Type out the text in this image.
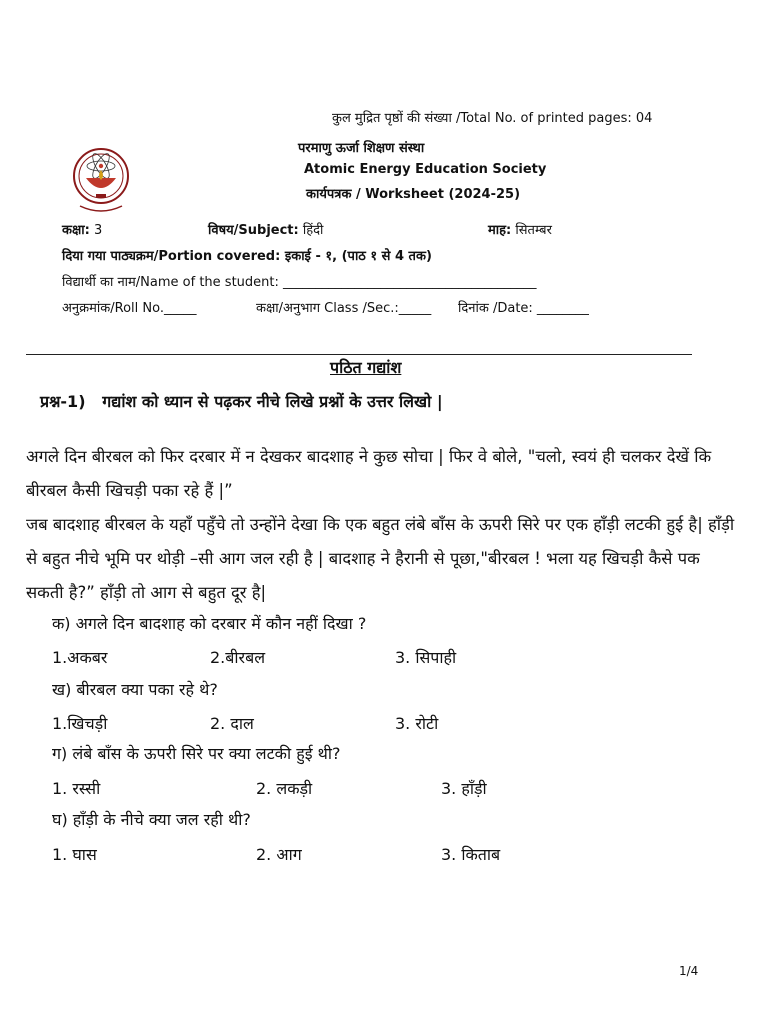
कुल मुद्रित पृष्ठों की संख्या /Total No. of printed pages: 04
परमाणु ऊर्जा शिक्षण संस्था
Atomic Energy Education Society
कार्यपत्रक / Worksheet (2024-25)
कक्षा: 3	विषय/Subject: हिंदी	माह: सितम्बर
दिया गया पाठ्यक्रम/Portion covered: इकाई - १, (पाठ १ से 4 तक)
विद्यार्थी का नाम/Name of the student: _______________________________________
अनुक्रमांक/Roll No._____	कक्षा/अनुभाग Class /Sec.:_____ दिनांक /Date: ________
पठित गद्यांश
प्रश्न-1) गद्यांश को ध्यान से पढ़कर नीचे लिखे प्रश्नों के उत्तर लिखो |
अगले दिन बीरबल को फिर दरबार में न देखकर बादशाह ने कुछ सोचा | फिर वे बोले, "चलो, स्वयं ही चलकर देखें कि बीरबल कैसी खिचड़ी पका रहे हैं |”
जब बादशाह बीरबल के यहाँ पहुँचे तो उन्होंने देखा कि एक बहुत लंबे बाँस के ऊपरी सिरे पर एक हाँड़ी लटकी हुई है| हाँड़ी से बहुत नीचे भूमि पर थोड़ी –सी आग जल रही है | बादशाह ने हैरानी से पूछा,"बीरबल ! भला यह खिचड़ी कैसे पक सकती है?” हाँड़ी तो आग से बहुत दूर है|
क) अगले दिन बादशाह को दरबार में कौन नहीं दिखा ?
1.अकबर	2.बीरबल	3. सिपाही
ख) बीरबल क्या पका रहे थे?
1.खिचड़ी	2. दाल	3. रोटी
ग) लंबे बाँस के ऊपरी सिरे पर क्या लटकी हुई थी?
1. रस्सी	2. लकड़ी	3. हाँड़ी
घ) हाँड़ी के नीचे क्या जल रही थी?
1. घास	2. आग	3. किताब
1/4
